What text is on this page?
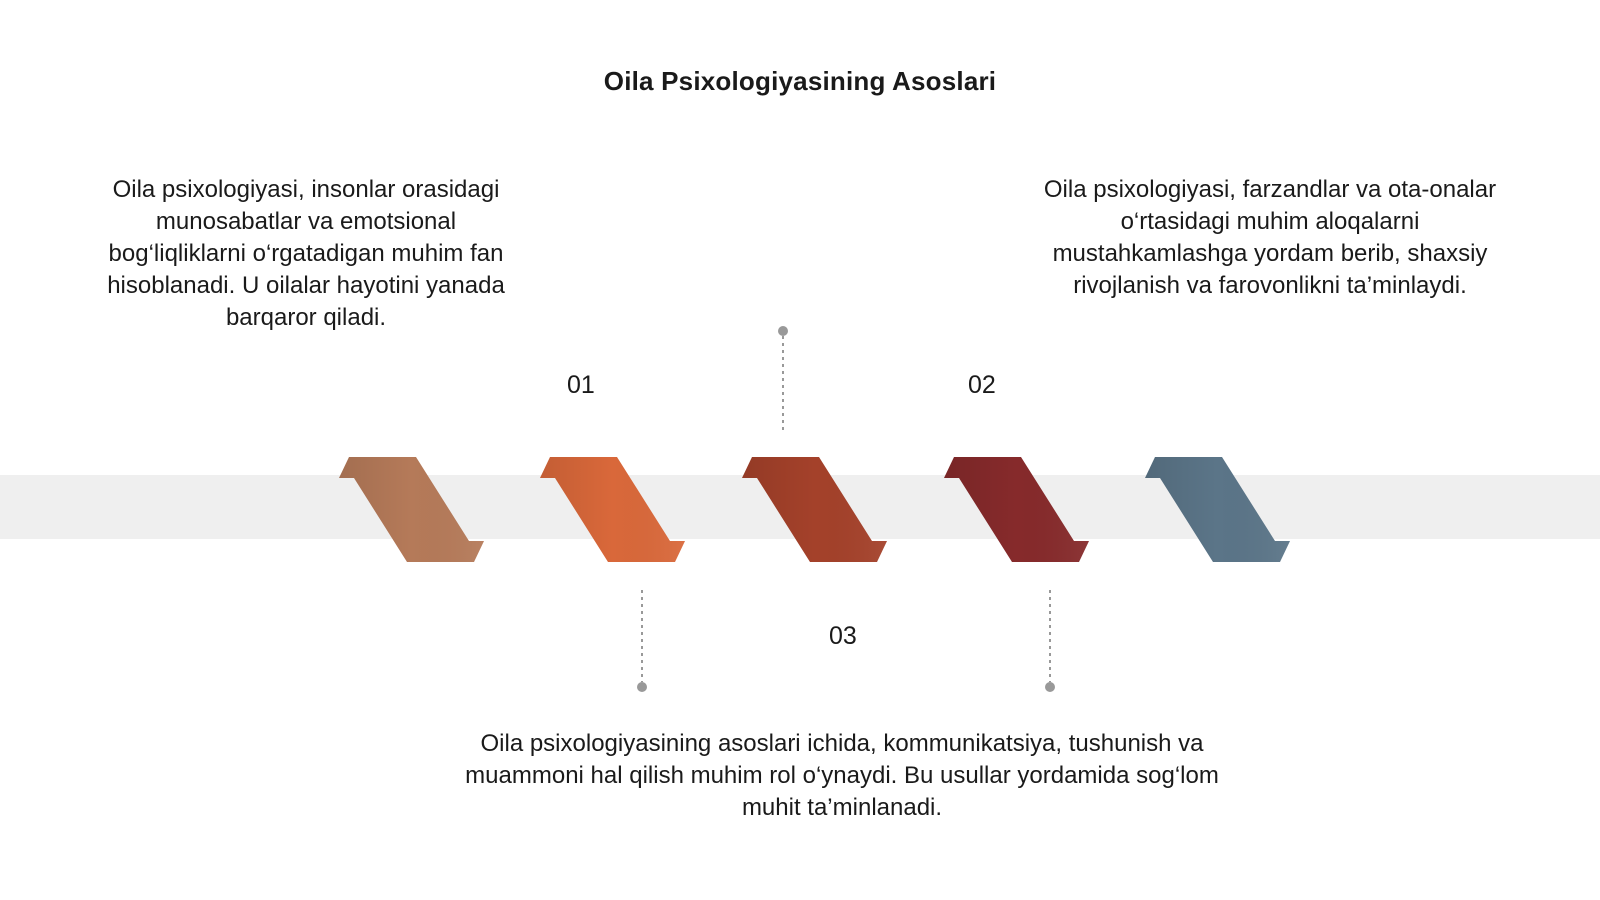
Oila Psixologiyasining Asoslari
Oila psixologiyasi, insonlar orasidagi munosabatlar va emotsional bog‘liqliklarni o‘rgatadigan muhim fan hisoblanadi. U oilalar hayotini yanada barqaror qiladi.
Oila psixologiyasi, farzandlar va ota-onalar o‘rtasidagi muhim aloqalarni mustahkamlashga yordam berib, shaxsiy rivojlanish va farovonlikni ta’minlaydi.
Oila psixologiyasining asoslari ichida, kommunikatsiya, tushunish va muammoni hal qilish muhim rol o‘ynaydi. Bu usullar yordamida sog‘lom muhit ta’minlanadi.
01	02
03
